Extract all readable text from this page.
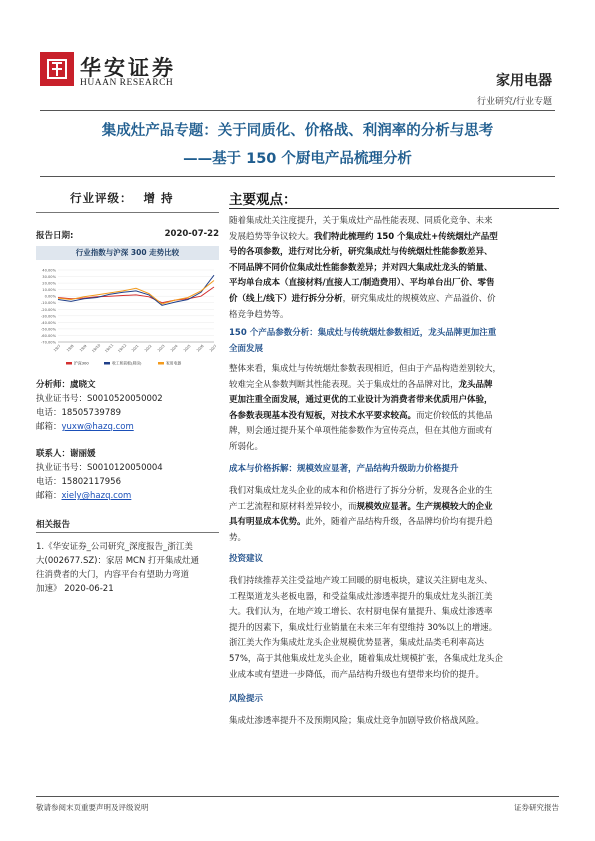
华安证券
HUAAN RESEARCH	家用电器
行业研究/行业专题
集成灶产品专题：关于同质化、价格战、利润率的分析与思考
——基于 150 个厨电产品梳理分析
行业评级： 增 持
报告日期:	2020-07-22
行业指数与沪深 300 走势比较
40.00%
30.00%
20.00%
10.00%
0.00%
-10.00%
-20.00%
-30.00%
-40.00%
-50.00%
-60.00%
-70.00%
19/7 19/8 19/9 19/10 19/11 19/12 20/1 20/2 20/3 20/4 20/5 20/6 20/7
沪深300	收工和前板(厨房)	家用电器
分析师：虞晓文
执业证书号：S0010520050002
电话：18505739789
邮箱：yuxw@hazq.com
联系人：谢丽媛
执业证书号：S0010120050004
电话：15802117956
邮箱：xiely@hazq.com
相关报告
1.《华安证券_公司研究_深度报告_浙江美
大(002677.SZ)：家居 MCN 打开集成灶通
往消费者的大门，内容平台有望助力弯道
加速》 2020-06-21
主要观点：
随着集成灶关注度提升，关于集成灶产品性能表现、同质化竞争、未来
发展趋势等争议较大。我们特此梳理约 150 个集成灶+传统烟灶产品型
号的各项参数，进行对比分析，研究集成灶与传统烟灶性能参数差异、
不同品牌不同价位集成灶性能参数差异；并对四大集成灶龙头的销量、
平均单台成本（直接材料/直接人工/制造费用）、平均单台出厂价、零售
价（线上/线下）进行拆分分析，研究集成灶的规模效应、产品溢价、价
格竞争趋势等。
150 个产品参数分析：集成灶与传统烟灶参数相近，龙头品牌更加注重
全面发展
整体来看，集成灶与传统烟灶参数表现相近，但由于产品构造差别较大，
较难完全从参数判断其性能表现。关于集成灶的各品牌对比，龙头品牌
更加注重全面发展，通过更优的工业设计为消费者带来优质用户体验，
各参数表现基本没有短板，对技术水平要求较高。而定价较低的其他品
牌，则会通过提升某个单项性能参数作为宣传亮点，但在其他方面或有
所弱化。
成本与价格拆解：规模效应显著，产品结构升级助力价格提升
我们对集成灶龙头企业的成本和价格进行了拆分分析，发现各企业的生
产工艺流程和原材料差异较小，而规模效应显著。生产规模较大的企业
具有明显成本优势。此外，随着产品结构升级，各品牌均价均有提升趋
势。
投资建议
我们持续推荐关注受益地产竣工回暖的厨电板块，建议关注厨电龙头、
工程渠道龙头老板电器，和受益集成灶渗透率提升的集成灶龙头浙江美
大。我们认为，在地产竣工增长、农村厨电保有量提升、集成灶渗透率
提升的因素下，集成灶行业销量在未来三年有望维持 30%以上的增速。
浙江美大作为集成灶龙头企业规模优势显著，集成灶品类毛利率高达
57%，高于其他集成灶龙头企业，随着集成灶规模扩张，各集成灶龙头企
业成本或有望进一步降低，而产品结构升级也有望带来均价的提升。
风险提示
集成灶渗透率提升不及预期风险；集成灶竞争加剧导致价格战风险。
敬请参阅末页重要声明及评级说明	证券研究报告
